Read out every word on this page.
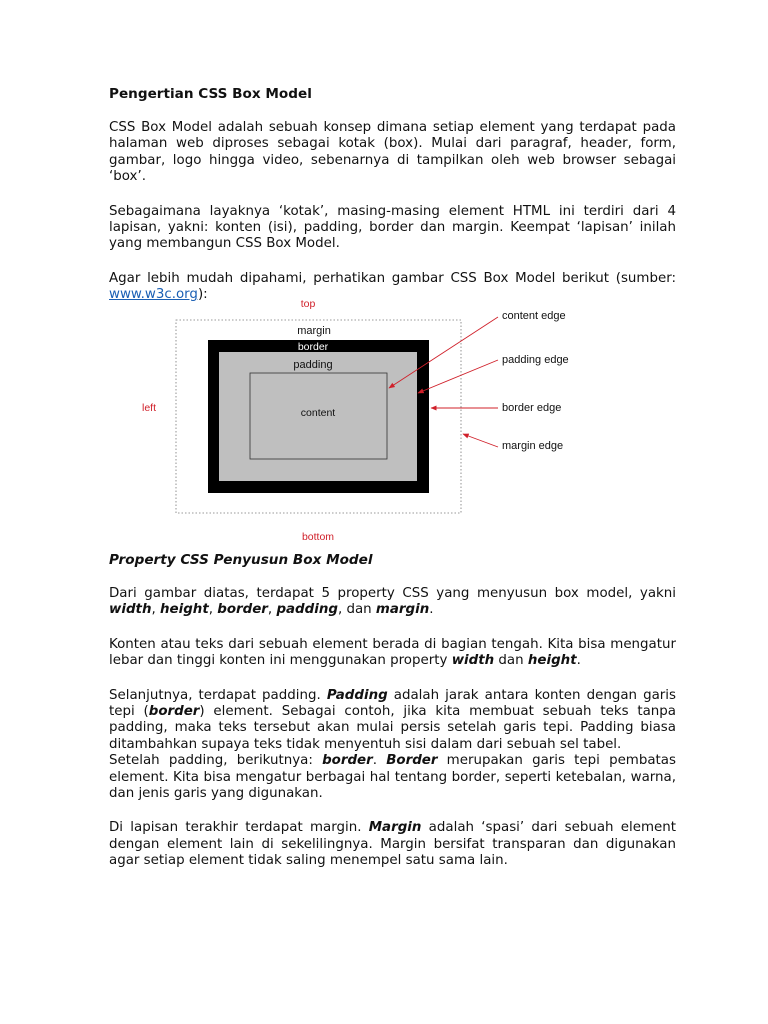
Pengertian CSS Box Model

CSS Box Model adalah sebuah konsep dimana setiap element yang terdapat pada halaman web diproses sebagai kotak (box). Mulai dari paragraf, header, form, gambar, logo hingga video, sebenarnya di tampilkan oleh web browser sebagai ‘box’.

Sebagaimana layaknya ‘kotak’, masing-masing element HTML ini terdiri dari 4 lapisan, yakni: konten (isi), padding, border dan margin. Keempat ‘lapisan’ inilah yang membangun CSS Box Model.

Agar lebih mudah dipahami, perhatikan gambar CSS Box Model berikut (sumber: www.w3c.org):

top
bottom
left
margin
border
padding
content
content edge
padding edge
border edge
margin edge
Property CSS Penyusun Box Model

Dari gambar diatas, terdapat 5 property CSS yang menyusun box model, yakni width, height, border, padding, dan margin.

Konten atau teks dari sebuah element berada di bagian tengah. Kita bisa mengatur lebar dan tinggi konten ini menggunakan property width dan height.

Selanjutnya, terdapat padding. Padding adalah jarak antara konten dengan garis tepi (border) element. Sebagai contoh, jika kita membuat sebuah teks tanpa padding, maka teks tersebut akan mulai persis setelah garis tepi. Padding biasa ditambahkan supaya teks tidak menyentuh sisi dalam dari sebuah sel tabel.

Setelah padding, berikutnya: border. Border merupakan garis tepi pembatas element. Kita bisa mengatur berbagai hal tentang border, seperti ketebalan, warna, dan jenis garis yang digunakan.

Di lapisan terakhir terdapat margin. Margin adalah ‘spasi’ dari sebuah element dengan element lain di sekelilingnya. Margin bersifat transparan dan digunakan agar setiap element tidak saling menempel satu sama lain.
